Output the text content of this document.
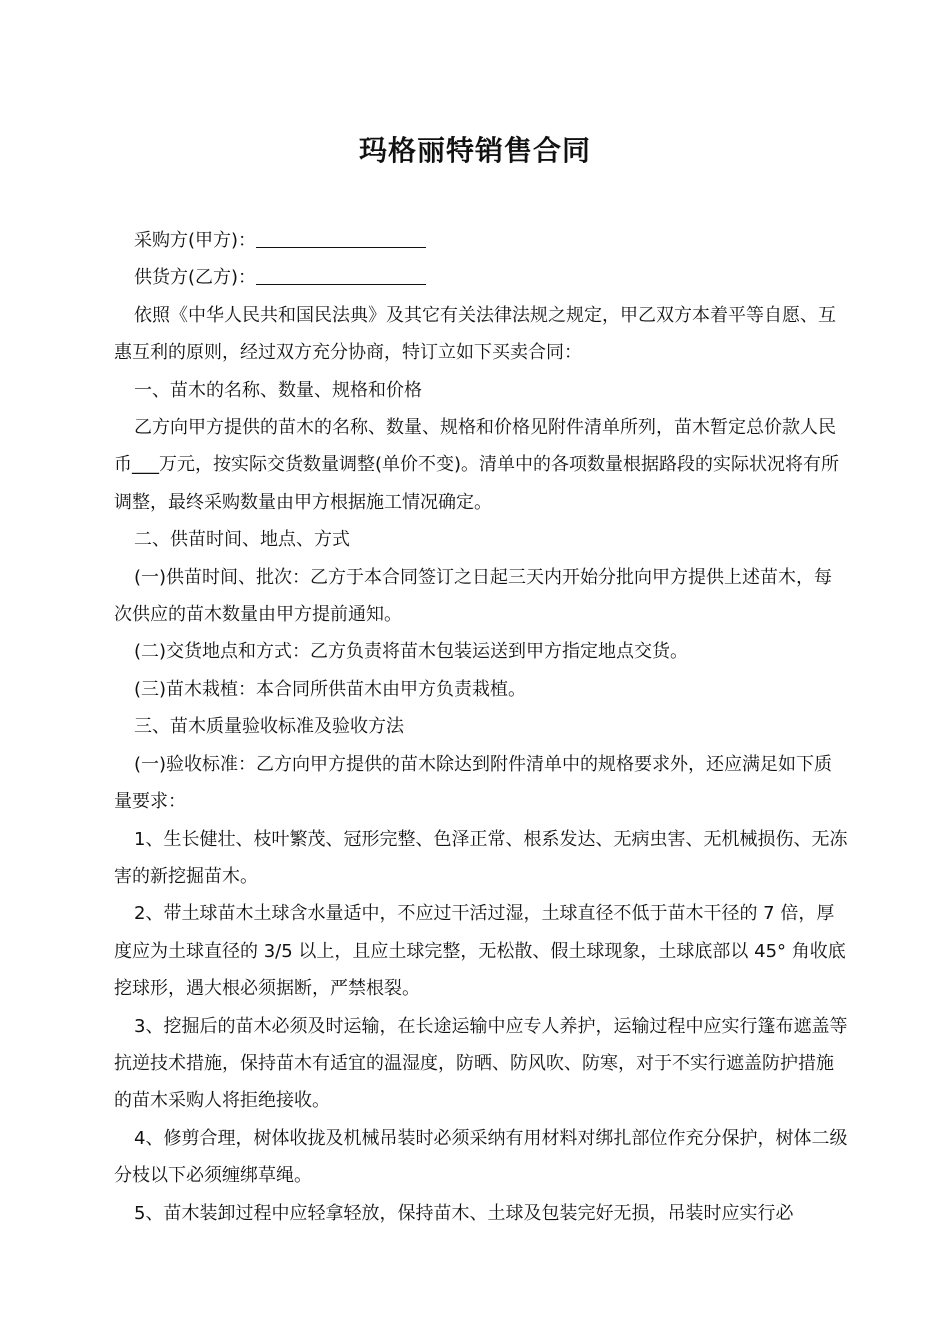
玛格丽特销售合同

采购方(甲方)：

供货方(乙方)：

依照《中华人民共和国民法典》及其它有关法律法规之规定，甲乙双方本着平等自愿、互惠互利的原则，经过双方充分协商，特订立如下买卖合同：

一、苗木的名称、数量、规格和价格

乙方向甲方提供的苗木的名称、数量、规格和价格见附件清单所列，苗木暂定总价款人民币___万元，按实际交货数量调整(单价不变)。清单中的各项数量根据路段的实际状况将有所调整，最终采购数量由甲方根据施工情况确定。

二、供苗时间、地点、方式

(一)供苗时间、批次：乙方于本合同签订之日起三天内开始分批向甲方提供上述苗木，每次供应的苗木数量由甲方提前通知。

(二)交货地点和方式：乙方负责将苗木包装运送到甲方指定地点交货。

(三)苗木栽植：本合同所供苗木由甲方负责栽植。

三、苗木质量验收标准及验收方法

(一)验收标准：乙方向甲方提供的苗木除达到附件清单中的规格要求外，还应满足如下质量要求：

1、生长健壮、枝叶繁茂、冠形完整、色泽正常、根系发达、无病虫害、无机械损伤、无冻害的新挖掘苗木。

2、带土球苗木土球含水量适中，不应过干活过湿，土球直径不低于苗木干径的 7 倍，厚度应为土球直径的 3/5 以上，且应土球完整，无松散、假土球现象，土球底部以 45° 角收底挖球形，遇大根必须据断，严禁根裂。

3、挖掘后的苗木必须及时运输，在长途运输中应专人养护，运输过程中应实行篷布遮盖等抗逆技术措施，保持苗木有适宜的温湿度，防晒、防风吹、防寒，对于不实行遮盖防护措施的苗木采购人将拒绝接收。

4、修剪合理，树体收拢及机械吊装时必须采纳有用材料对绑扎部位作充分保护，树体二级分枝以下必须缠绑草绳。

5、苗木装卸过程中应轻拿轻放，保持苗木、土球及包装完好无损，吊装时应实行必
